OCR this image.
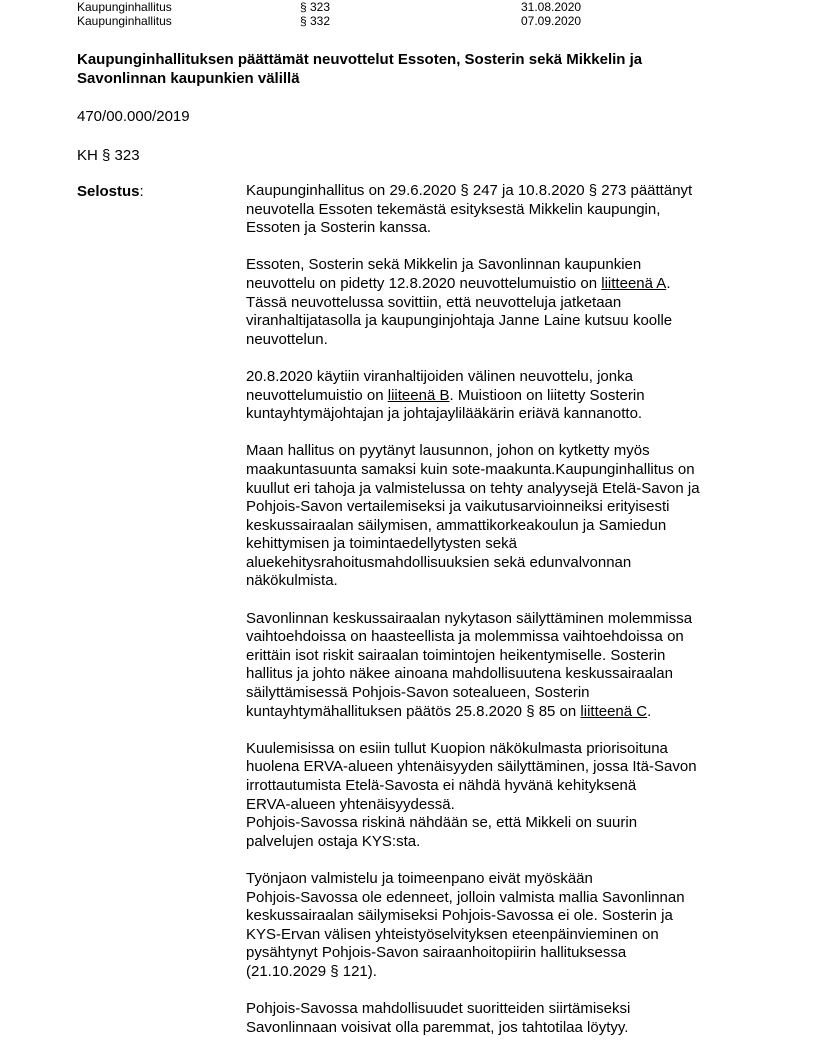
Kaupunginhallitus	§ 323	31.08.2020
Kaupunginhallitus	§ 332	07.09.2020
Kaupunginhallituksen päättämät neuvottelut Essoten, Sosterin sekä Mikkelin ja
Savonlinnan kaupunkien välillä
470/00.000/2019
KH § 323
Selostus:	Kaupunginhallitus on 29.6.2020 § 247 ja 10.8.2020 § 273 päättänyt
neuvotella Essoten tekemästä esityksestä Mikkelin kaupungin,
Essoten ja Sosterin kanssa.
Essoten, Sosterin sekä Mikkelin ja Savonlinnan kaupunkien
neuvottelu on pidetty 12.8.2020 neuvottelumuistio on liitteenä A.
Tässä neuvottelussa sovittiin, että neuvotteluja jatketaan
viranhaltijatasolla ja kaupunginjohtaja Janne Laine kutsuu koolle
neuvottelun.
20.8.2020 käytiin viranhaltijoiden välinen neuvottelu, jonka
neuvottelumuistio on liiteenä B. Muistioon on liitetty Sosterin
kuntayhtymäjohtajan ja johtajaylilääkärin eriävä kannanotto.
Maan hallitus on pyytänyt lausunnon, johon on kytketty myös
maakuntasuunta samaksi kuin sote-maakunta.Kaupunginhallitus on
kuullut eri tahoja ja valmistelussa on tehty analyysejä Etelä-Savon ja
Pohjois-Savon vertailemiseksi ja vaikutusarvioinneiksi erityisesti
keskussairaalan säilymisen, ammattikorkeakoulun ja Samiedun
kehittymisen ja toimintaedellytysten sekä
aluekehitysrahoitusmahdollisuuksien sekä edunvalvonnan
näkökulmista.
Savonlinnan keskussairaalan nykytason säilyttäminen molemmissa
vaihtoehdoissa on haasteellista ja molemmissa vaihtoehdoissa on
erittäin isot riskit sairaalan toimintojen heikentymiselle. Sosterin
hallitus ja johto näkee ainoana mahdollisuutena keskussairaalan
säilyttämisessä Pohjois-Savon sotealueen, Sosterin
kuntayhtymähallituksen päätös 25.8.2020 § 85 on liitteenä C.
Kuulemisissa on esiin tullut Kuopion näkökulmasta priorisoituna
huolena ERVA-alueen yhtenäisyyden säilyttäminen, jossa Itä-Savon
irrottautumista Etelä-Savosta ei nähdä hyvänä kehityksenä
ERVA-alueen yhtenäisyydessä.
Pohjois-Savossa riskinä nähdään se, että Mikkeli on suurin
palvelujen ostaja KYS:sta.
Työnjaon valmistelu ja toimeenpano eivät myöskään
Pohjois-Savossa ole edenneet, jolloin valmista mallia Savonlinnan
keskussairaalan säilymiseksi Pohjois-Savossa ei ole. Sosterin ja
KYS-Ervan välisen yhteistyöselvityksen eteenpäinvieminen on
pysähtynyt Pohjois-Savon sairaanhoitopiirin hallituksessa
(21.10.2029 § 121).
Pohjois-Savossa mahdollisuudet suoritteiden siirtämiseksi
Savonlinnaan voisivat olla paremmat, jos tahtotilaa löytyy.
